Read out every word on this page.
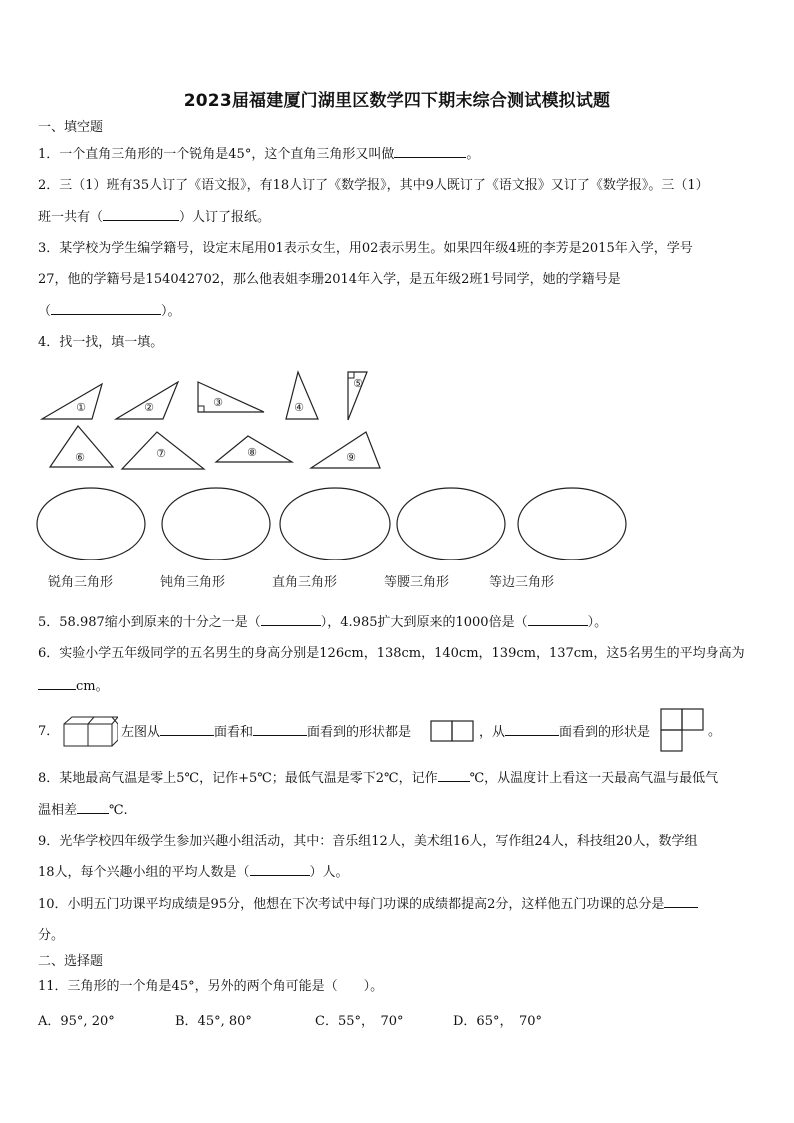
2023届福建厦门湖里区数学四下期末综合测试模拟试题
一、填空题
1．一个直角三角形的一个锐角是45°，这个直角三角形又叫做	。
2．三（1）班有35人订了《语文报》，有18人订了《数学报》，其中9人既订了《语文报》又订了《数学报》。三（1）
班一共有（	）人订了报纸。
3．某学校为学生编学籍号，设定末尾用01表示女生，用02表示男生。如果四年级4班的李芳是2015年入学，学号
27，他的学籍号是154042702，那么他表姐李珊2014年入学，是五年级2班1号同学，她的学籍号是
（	）。
4．找一找，填一填。
①	②	③	④
⑤
⑥	⑦	⑧	⑨
锐角三角形	钝角三角形	直角三角形	等腰三角形	等边三角形
5．58.987缩小到原来的十分之一是（	），4.985扩大到原来的1000倍是（	）。
6．实验小学五年级同学的五名男生的身高分别是126cm，138cm，140cm，139cm，137cm，这5名男生的平均身高为
cm。
7．	左图从	面看和	面看到的形状都是	，从	面看到的形状是	。
8．某地最高气温是零上5℃，记作+5℃；最低气温是零下2℃，记作 ℃，从温度计上看这一天最高气温与最低气
温相差 ℃.
9．光华学校四年级学生参加兴趣小组活动，其中：音乐组12人，美术组16人，写作组24人，科技组20人，数学组
18人，每个兴趣小组的平均人数是（	）人。
10．小明五门功课平均成绩是95分，他想在下次考试中每门功课的成绩都提高2分，这样他五门功课的总分是
分。
二、选择题
11．三角形的一个角是45°，另外的两个角可能是（　　）。
A．95°, 20°	B．45°, 80°	C．55°，　70°	D．65°，　70°
